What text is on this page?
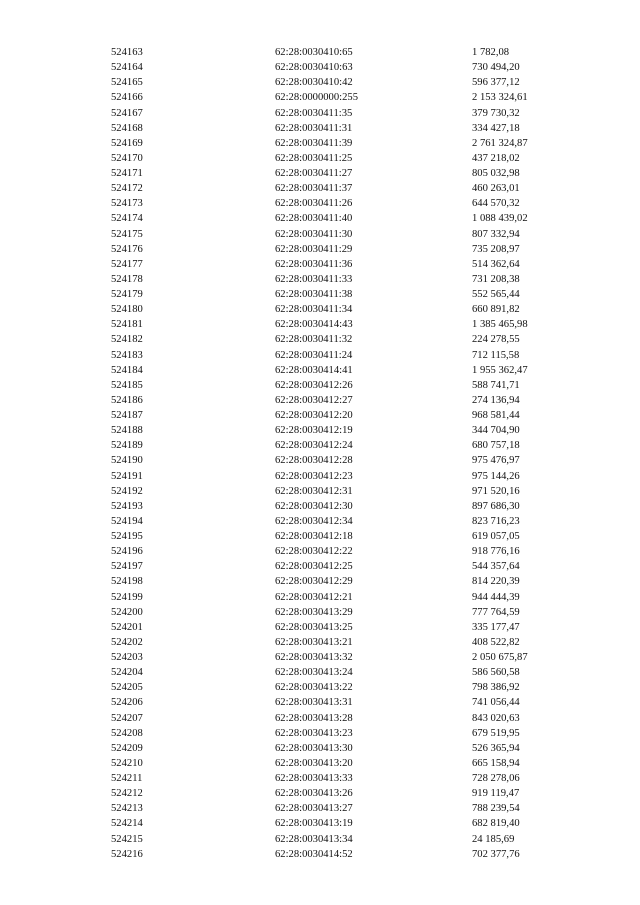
524163	62:28:0030410:65	1 782,08
524164	62:28:0030410:63	730 494,20
524165	62:28:0030410:42	596 377,12
524166	62:28:0000000:255	2 153 324,61
524167	62:28:0030411:35	379 730,32
524168	62:28:0030411:31	334 427,18
524169	62:28:0030411:39	2 761 324,87
524170	62:28:0030411:25	437 218,02
524171	62:28:0030411:27	805 032,98
524172	62:28:0030411:37	460 263,01
524173	62:28:0030411:26	644 570,32
524174	62:28:0030411:40	1 088 439,02
524175	62:28:0030411:30	807 332,94
524176	62:28:0030411:29	735 208,97
524177	62:28:0030411:36	514 362,64
524178	62:28:0030411:33	731 208,38
524179	62:28:0030411:38	552 565,44
524180	62:28:0030411:34	660 891,82
524181	62:28:0030414:43	1 385 465,98
524182	62:28:0030411:32	224 278,55
524183	62:28:0030411:24	712 115,58
524184	62:28:0030414:41	1 955 362,47
524185	62:28:0030412:26	588 741,71
524186	62:28:0030412:27	274 136,94
524187	62:28:0030412:20	968 581,44
524188	62:28:0030412:19	344 704,90
524189	62:28:0030412:24	680 757,18
524190	62:28:0030412:28	975 476,97
524191	62:28:0030412:23	975 144,26
524192	62:28:0030412:31	971 520,16
524193	62:28:0030412:30	897 686,30
524194	62:28:0030412:34	823 716,23
524195	62:28:0030412:18	619 057,05
524196	62:28:0030412:22	918 776,16
524197	62:28:0030412:25	544 357,64
524198	62:28:0030412:29	814 220,39
524199	62:28:0030412:21	944 444,39
524200	62:28:0030413:29	777 764,59
524201	62:28:0030413:25	335 177,47
524202	62:28:0030413:21	408 522,82
524203	62:28:0030413:32	2 050 675,87
524204	62:28:0030413:24	586 560,58
524205	62:28:0030413:22	798 386,92
524206	62:28:0030413:31	741 056,44
524207	62:28:0030413:28	843 020,63
524208	62:28:0030413:23	679 519,95
524209	62:28:0030413:30	526 365,94
524210	62:28:0030413:20	665 158,94
524211	62:28:0030413:33	728 278,06
524212	62:28:0030413:26	919 119,47
524213	62:28:0030413:27	788 239,54
524214	62:28:0030413:19	682 819,40
524215	62:28:0030413:34	24 185,69
524216	62:28:0030414:52	702 377,76
